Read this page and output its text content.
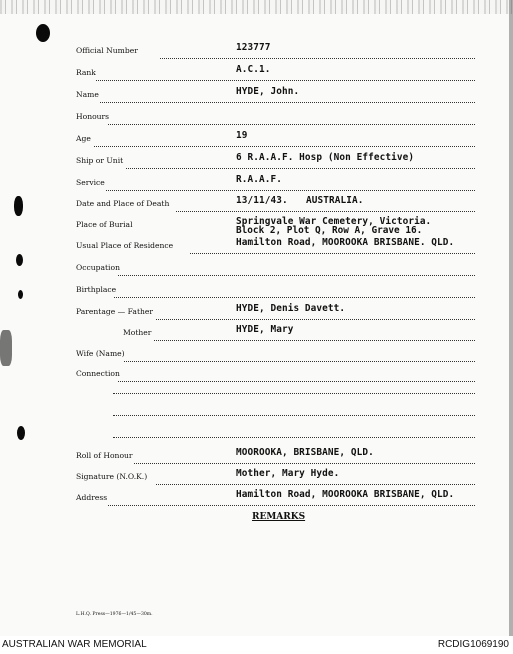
Official Number	123777
Rank	A.C.1.
Name	HYDE, John.
Honours
Age	19
Ship or Unit	6 R.A.A.F. Hosp (Non Effective)
Service	R.A.A.F.
Date and Place of Death	13/11/43. AUSTRALIA.
Place of Burial	Springvale War Cemetery, Victoria.
Block 2, Plot Q, Row A, Grave 16.
Usual Place of Residence	Hamilton Road, MOOROOKA BRISBANE. QLD.
Occupation
Birthplace
Parentage — Father	HYDE, Denis Davett.
Mother	HYDE, Mary
Wife (Name)
Connection
Roll of Honour	MOOROOKA, BRISBANE, QLD.
Signature (N.O.K.)	Mother, Mary Hyde.
Address	Hamilton Road, MOOROOKA BRISBANE, QLD.
REMARKS
L.H.Q. Press—1976—1/45—30m.
AUSTRALIAN WAR MEMORIAL	RCDIG1069190
